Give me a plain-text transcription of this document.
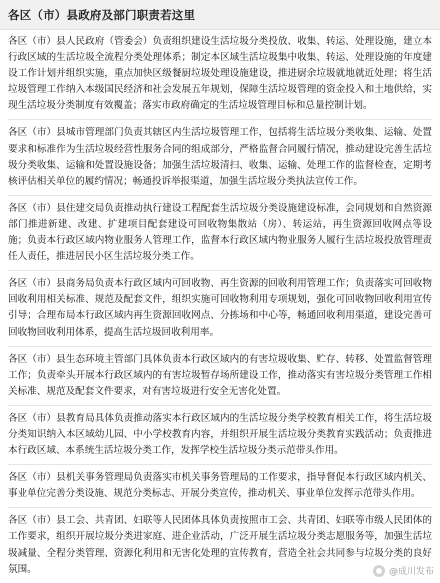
各区（市）县政府及部门职责若这里

各区（市）县人民政府（管委会）负责组织建设生活垃圾分类投放、收集、转运、处理设施，建立本行政区域的生活垃圾全流程分类处理体系；制定本区域生活垃圾集中收集、转运、处理设施的年度建设工作计划并组织实施，重点加快区级餐厨垃圾处理设施建设，推进厨余垃圾就地就近处理；将生活垃圾管理工作纳入本级国民经济和社会发展五年规划，保障生活垃圾管理的资金投入和土地供给，实现生活垃圾分类制度有效覆盖；落实市政府确定的生活垃圾管理目标和总量控制计划。

各区（市）县城市管理部门负责其辖区内生活垃圾管理工作，包括将生活垃圾分类收集、运输、处置要求和标准作为生活垃圾经营性服务合同的组成部分，严格监督合同履行情况，推动建设完善生活垃圾分类收集、运输和处置设施设备；加强生活垃圾清扫、收集、运输、处理工作的监督检查，定期考核评估相关单位的履约情况；畅通投诉举报渠道，加强生活垃圾分类执法宣传工作。

各区（市）县住建交局负责推动执行建设工程配套生活垃圾分类设施建设标准，会同规划和自然资源部门推进新建、改建、扩建项目配套建设可回收物集散站（房）、转运站，再生资源回收网点等设施；负责本行政区域内物业服务人管理工作，监督本行政区域内物业服务人履行生活垃圾投放管理责任人责任，推进居民小区生活垃圾分类工作。

各区（市）县商务局负责本行政区域内可回收物、再生资源的回收利用管理工作；负责落实可回收物回收利用相关标准、规范及配套文件，组织实施可回收物利用专项规划，强化可回收物回收利用宣传引导；合理布局本行政区域内再生资源回收网点、分拣场和中心等，畅通回收利用渠道，建设完善可回收物回收利用体系，提高生活垃圾回收利用率。

各区（市）县生态环境主管部门具体负责本行政区域内的有害垃圾收集、贮存、转移、处置监督管理工作；负责牵头开展本行政区域内的有害垃圾暂存场所建设工作，推动落实有害垃圾分类管理工作相关标准、规范及配套文件要求，对有害垃圾进行安全无害化处置。

各区（市）县教育局具体负责推动落实本行政区域内的生活垃圾分类学校教育相关工作，将生活垃圾分类知识纳入本区域幼儿园、中小学校教育内容，并组织开展生活垃圾分类教育实践活动；负责推进本行政区域、本系统生活垃圾分类工作，发挥学校生活垃圾分类示范带头作用。

各区（市）县机关事务管理局负责落实市机关事务管理局的工作要求，指导督促本行政区域内机关、事业单位完善分类设施、规范分类标志、开展分类宣传，推动机关、事业单位发挥示范带头作用。

各区（市）县工会、共青团、妇联等人民团体具体负责按照市工会、共青团、妇联等市级人民团体的工作要求，组织开展垃圾分类进家庭、进企业活动，广泛开展生活垃圾分类志愿服务等，加强生活垃圾减量、全程分类管理、资源化利用和无害化处理的宣传教育，营造全社会共同参与垃圾分类的良好氛围。	@成川发布
